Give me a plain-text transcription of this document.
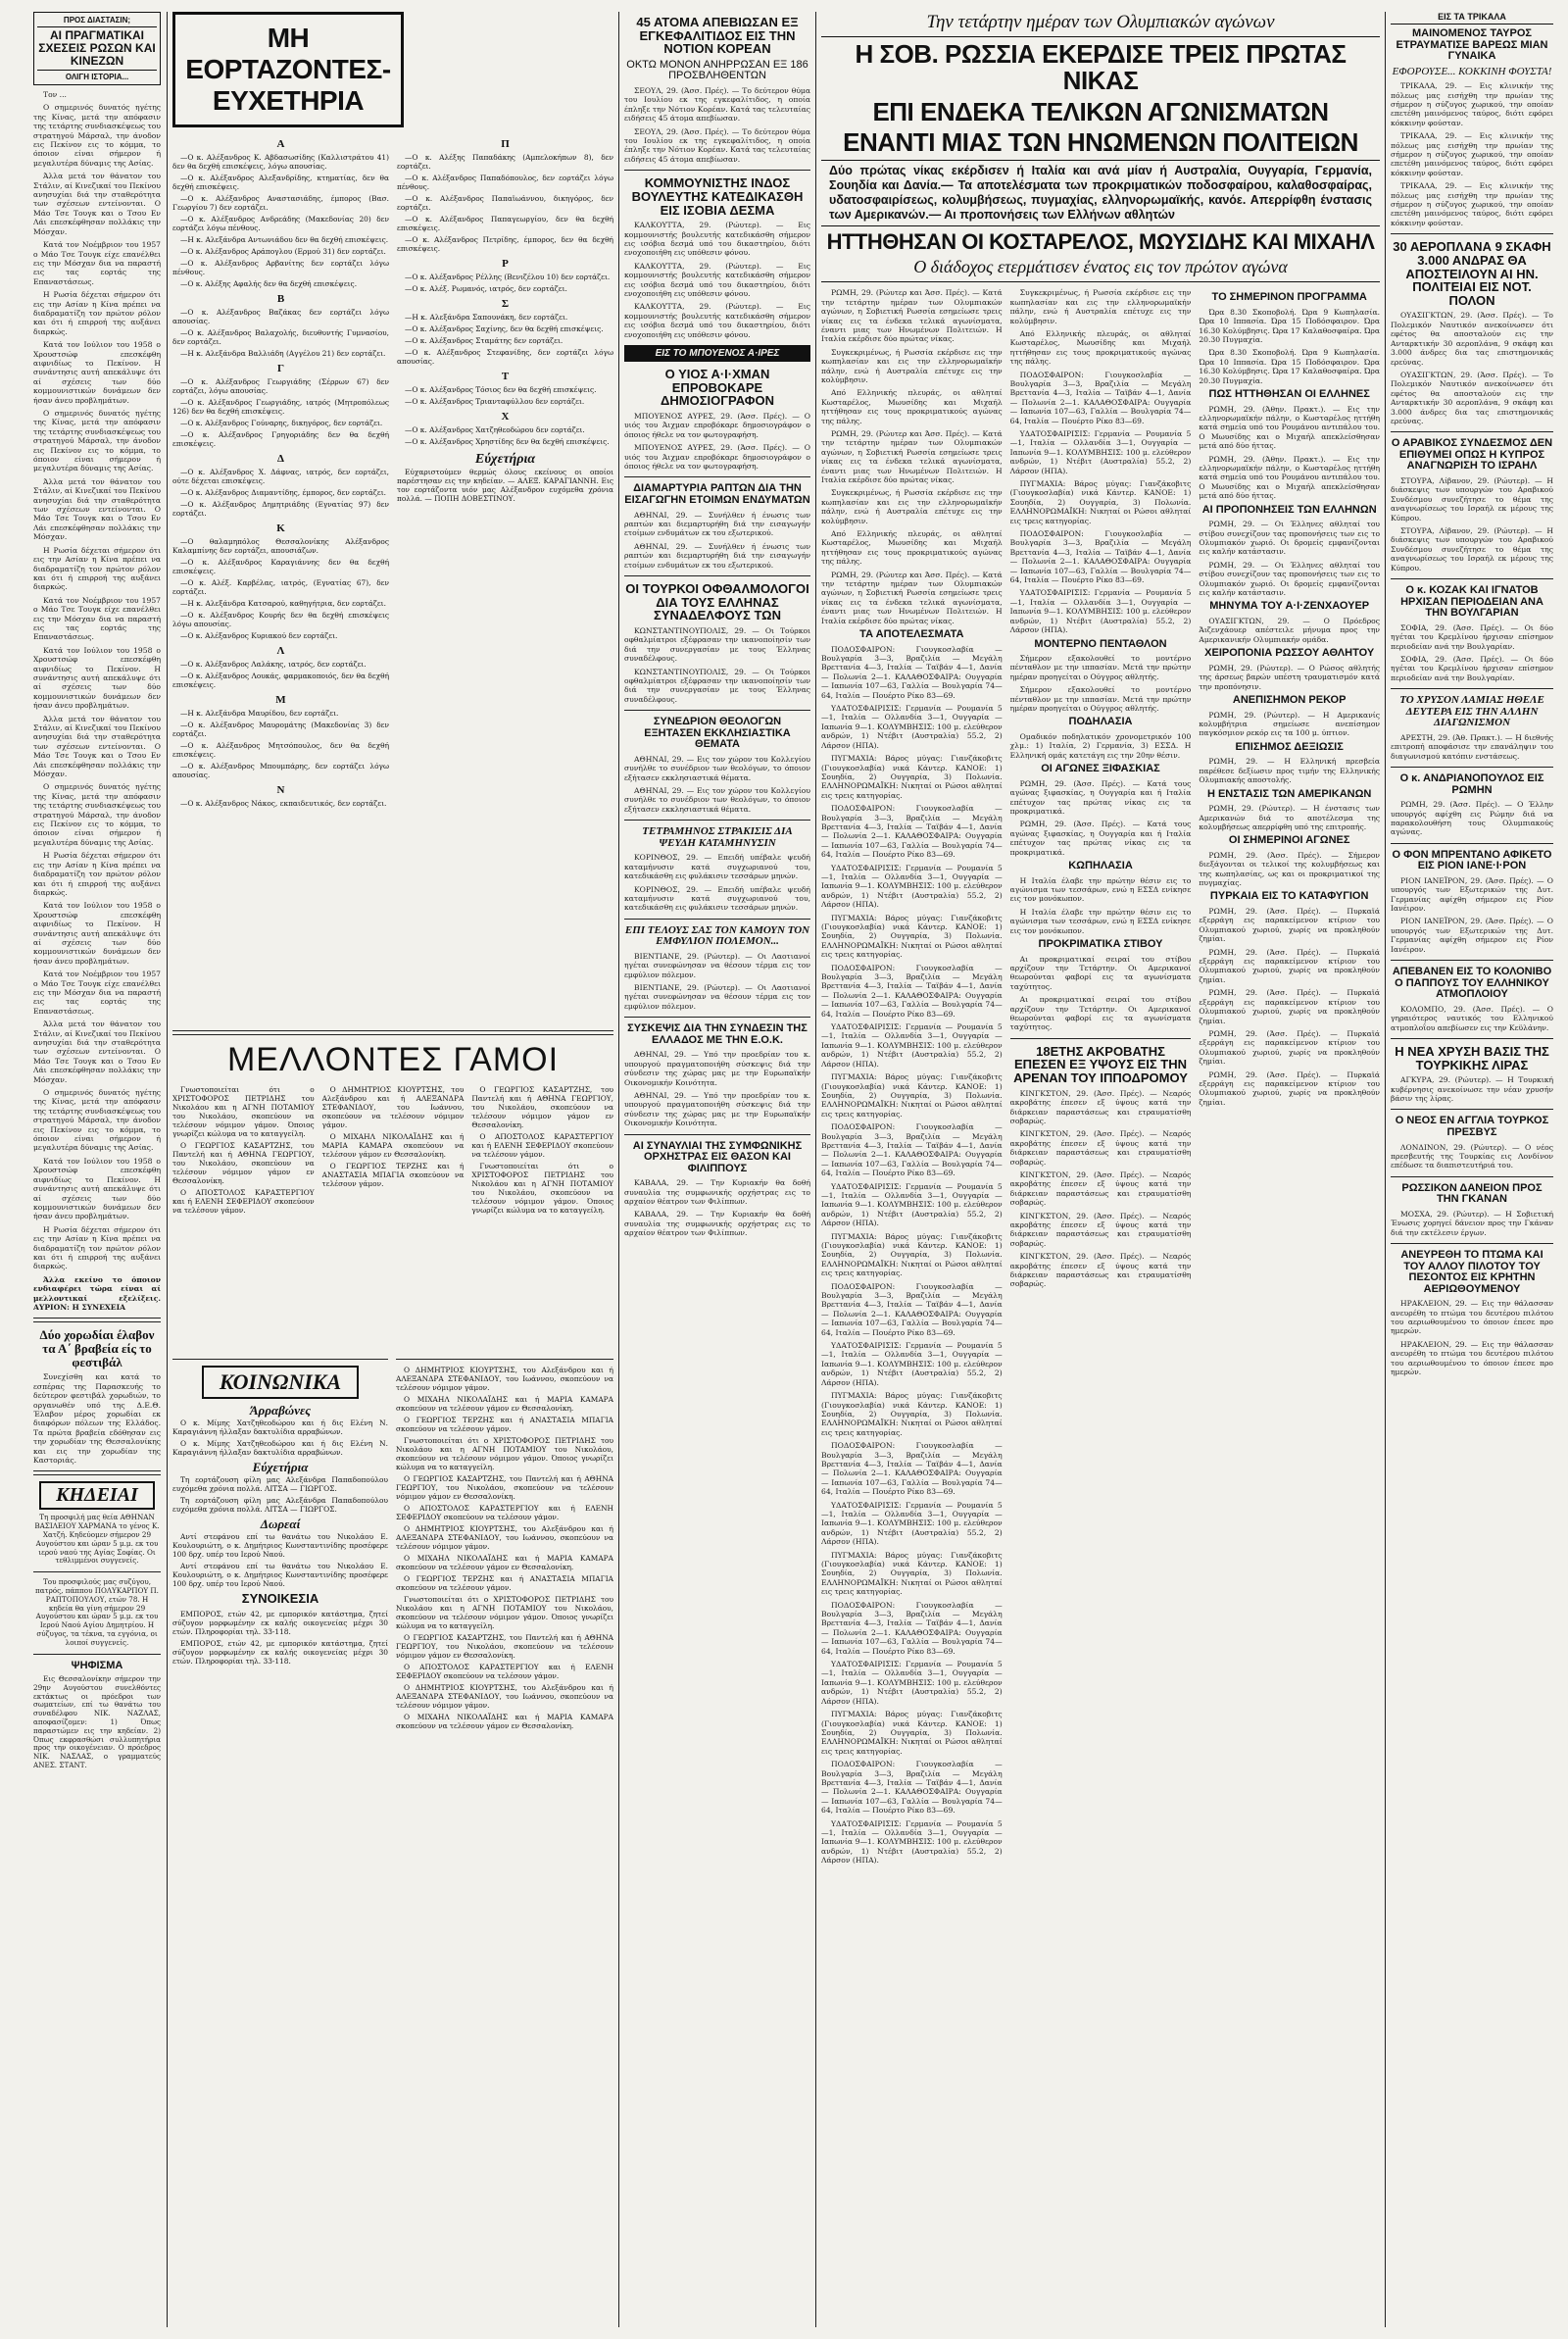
ΠΡΟΣ ΔΙΑΣΤΑΣΙΝ;
ΑΙ ΠΡΑΓΜΑΤΙΚΑΙ ΣΧΕΣΕΙΣ ΡΩΣΩΝ ΚΑΙ ΚΙΝΕΖΩΝ
ΟΛΙΓΗ ΙΣΤΟΡΙΑ...

Τον ...

Ο σημερινός δυνατός ηγέτης της Κίνας, μετά την απόφασιν της τετάρτης συνδιασκέψεως του στρατηγού Μάρσαλ, την άνοδον εις Πεκίνον εις το κόμμα, το όποιον είναι σήμερον ή μεγαλυτέρα δύναμις της Ασίας.

Άλλα μετά τον θάνατον του Στάλιν, αί Κινεζικαί του Πεκίνου ανησυχίαι διά την σταθερότητα των σχέσεων εντείνονται. Ο Μάο Τσε Τουγκ και ο Τσου Εν Λάι επεσκέφθησαν πολλάκις την Μόσχαν.

Κατά τον Νοέμβριον του 1957 ο Μάο Τσε Τουγκ είχε επανέλθει εις την Μόσχαν δια να παραστή εις τας εορτάς της Επαναστάσεως.

Η Ρωσία δέχεται σήμερον ότι εις την Ασίαν η Κίνα πρέπει να διαδραματίζη τον πρώτον ρόλον και ότι ή επιρροή της αυξάνει διαρκώς.

Κατά τον Ιούλιον του 1958 ο Χρουστσώφ επεσκέφθη αιφνιδίως το Πεκίνον. Η συνάντησις αυτή απεκάλυψε ότι αί σχέσεις των δύο κομμουνιστικών δυνάμεων δεν ήσαν άνευ προβλημάτων.

Ο σημερινός δυνατός ηγέτης της Κίνας, μετά την απόφασιν της τετάρτης συνδιασκέψεως του στρατηγού Μάρσαλ, την άνοδον εις Πεκίνον εις το κόμμα, το όποιον είναι σήμερον ή μεγαλυτέρα δύναμις της Ασίας.

Άλλα μετά τον θάνατον του Στάλιν, αί Κινεζικαί του Πεκίνου ανησυχίαι διά την σταθερότητα των σχέσεων εντείνονται. Ο Μάο Τσε Τουγκ και ο Τσου Εν Λάι επεσκέφθησαν πολλάκις την Μόσχαν.

Η Ρωσία δέχεται σήμερον ότι εις την Ασίαν η Κίνα πρέπει να διαδραματίζη τον πρώτον ρόλον και ότι ή επιρροή της αυξάνει διαρκώς.

Κατά τον Νοέμβριον του 1957 ο Μάο Τσε Τουγκ είχε επανέλθει εις την Μόσχαν δια να παραστή εις τας εορτάς της Επαναστάσεως.

Κατά τον Ιούλιον του 1958 ο Χρουστσώφ επεσκέφθη αιφνιδίως το Πεκίνον. Η συνάντησις αυτή απεκάλυψε ότι αί σχέσεις των δύο κομμουνιστικών δυνάμεων δεν ήσαν άνευ προβλημάτων.

Άλλα μετά τον θάνατον του Στάλιν, αί Κινεζικαί του Πεκίνου ανησυχίαι διά την σταθερότητα των σχέσεων εντείνονται. Ο Μάο Τσε Τουγκ και ο Τσου Εν Λάι επεσκέφθησαν πολλάκις την Μόσχαν.

Ο σημερινός δυνατός ηγέτης της Κίνας, μετά την απόφασιν της τετάρτης συνδιασκέψεως του στρατηγού Μάρσαλ, την άνοδον εις Πεκίνον εις το κόμμα, το όποιον είναι σήμερον ή μεγαλυτέρα δύναμις της Ασίας.

Η Ρωσία δέχεται σήμερον ότι εις την Ασίαν η Κίνα πρέπει να διαδραματίζη τον πρώτον ρόλον και ότι ή επιρροή της αυξάνει διαρκώς.

Κατά τον Ιούλιον του 1958 ο Χρουστσώφ επεσκέφθη αιφνιδίως το Πεκίνον. Η συνάντησις αυτή απεκάλυψε ότι αί σχέσεις των δύο κομμουνιστικών δυνάμεων δεν ήσαν άνευ προβλημάτων.

Κατά τον Νοέμβριον του 1957 ο Μάο Τσε Τουγκ είχε επανέλθει εις την Μόσχαν δια να παραστή εις τας εορτάς της Επαναστάσεως.

Άλλα μετά τον θάνατον του Στάλιν, αί Κινεζικαί του Πεκίνου ανησυχίαι διά την σταθερότητα των σχέσεων εντείνονται. Ο Μάο Τσε Τουγκ και ο Τσου Εν Λάι επεσκέφθησαν πολλάκις την Μόσχαν.

Ο σημερινός δυνατός ηγέτης της Κίνας, μετά την απόφασιν της τετάρτης συνδιασκέψεως του στρατηγού Μάρσαλ, την άνοδον εις Πεκίνον εις το κόμμα, το όποιον είναι σήμερον ή μεγαλυτέρα δύναμις της Ασίας.

Κατά τον Ιούλιον του 1958 ο Χρουστσώφ επεσκέφθη αιφνιδίως το Πεκίνον. Η συνάντησις αυτή απεκάλυψε ότι αί σχέσεις των δύο κομμουνιστικών δυνάμεων δεν ήσαν άνευ προβλημάτων.

Η Ρωσία δέχεται σήμερον ότι εις την Ασίαν η Κίνα πρέπει να διαδραματίζη τον πρώτον ρόλον και ότι ή επιρροή της αυξάνει διαρκώς.

Άλλα εκείνο το όποιον ενδιαφέρει τώρα είναι αί μελλοντικαί εξελίξεις. ΑΥΡΙΟΝ: Η ΣΥΝΕΧΕΙΑ

Δύο χορωδίαι έλαβον τα Α΄ βραβεία είς το φεστιβάλ

Συνεχίσθη και κατά το εσπέρας της Παρασκευής το δεύτερον φεστιβάλ χορωδιών, το οργανωθέν υπό της Δ.Ε.Θ. Έλαβον μέρος χορωδίαι εκ διαφόρων πόλεων της Ελλάδος. Τα πρώτα βραβεία εδόθησαν εις την χορωδίαν της Θεσσαλονίκης και εις την χορωδίαν της Καστοριάς.

ΚΗΔΕΙΑΙ

Τη προσφιλή μας θεία ΑΘΗΝΑΝ ΒΑΣΙΛΕΙΟΥ ΧΑΡΜΑΝΑ το γένος Κ. Χατζή. Κηδεύομεν σήμερον 29 Αυγούστου και ώραν 5 μ.μ. εκ του ιερού ναού της Αγίας Σοφίας. Οι τεθλιμμένοι συγγενείς.

Του προσφιλούς μας συζύγου, πατρός, πάππου ΠΟΛΥΚΑΡΠΟΥ Π. ΡΑΠΤΟΠΟΥΛΟΥ, ετών 78. Η κηδεία θα γίνη σήμερον 29 Αυγούστου και ώραν 5 μ.μ. εκ του Ιερού Ναού Αγίου Δημητρίου. Η σύζυγος, τα τέκνα, τα εγγόνια, οι λοιποί συγγενείς.

ΨΗΦΙΣΜΑ

Εις Θεσσαλονίκην σήμερον την 29ην Αυγούστου συνελθόντες εκτάκτως οι πρόεδροι των σωματείων, επί τω θανάτω του συναδέλφου ΝΙΚ. ΝΑΖΛΑΣ, αποφασίζομεν: 1) Όπως παραστώμεν εις την κηδείαν. 2) Όπως εκφρασθώσι συλλυπητήρια προς την οικογένειαν. Ο πρόεδρος ΝΙΚ. ΝΑΣΛΑΣ, ο γραμματεύς ΑΝΕΣ. ΣΤΑΝΤ.

ΜΗ ΕΟΡΤΑΖΟΝΤΕΣ-ΕΥΧΕΤΗΡΙΑ
Α

—Ο κ. Αλέξανδρος Κ. Αβδασωσίδης (Καλλιστράτου 41) δεν θα δεχθή επισκέψεις, λόγω απουσίας.

—Ο κ. Αλέξανδρος Αλεξανδρίδης, κτηματίας, δεν θα δεχθή επισκέψεις.

—Ο κ. Αλέξανδρος Αναστασιάδης, έμπορος (Βασ. Γεωργίου 7) δεν εορτάζει.

—Ο κ. Αλέξανδρος Ανδρεάδης (Μακεδονίας 20) δεν εορτάζει λόγω πένθους.

—Η κ. Αλεξάνδρα Αντωνιάδου δεν θα δεχθή επισκέψεις.

—Ο κ. Αλέξανδρος Αράπογλου (Ερμού 31) δεν εορτάζει.

—Ο κ. Αλέξανδρος Αρβανίτης δεν εορτάζει λόγω πένθους.

—Ο κ. Αλέξης Αφαλής δεν θα δεχθή επισκέψεις.

Β

—Ο κ. Αλέξανδρος Βαζάκας δεν εορτάζει λόγω απουσίας.

—Ο κ. Αλέξανδρος Βαλαχολής, διευθυντής Γυμνασίου, δεν εορτάζει.

—Η κ. Αλεξάνδρα Βαλλιάδη (Αγγέλου 21) δεν εορτάζει.

Γ

—Ο κ. Αλέξανδρος Γεωργιάδης (Σέρρων 67) δεν εορτάζει, λόγω απουσίας.

—Ο κ. Αλέξανδρος Γεωργιάδης, ιατρός (Μητροπόλεως 126) δεν θα δεχθή επισκέψεις.

—Ο κ. Αλέξανδρος Γούναρης, δικηγόρος, δεν εορτάζει.

—Ο κ. Αλέξανδρος Γρηγοριάδης δεν θα δεχθή επισκέψεις.

Δ

—Ο κ. Αλέξανδρος Χ. Δάφνας, ιατρός, δεν εορτάζει, ούτε δέχεται επισκέψεις.

—Ο κ. Αλέξανδρος Διαμαντίδης, έμπορος, δεν εορτάζει.

—Ο κ. Αλέξανδρος Δημητριάδης (Εγνατίας 97) δεν εορτάζει.

Κ

—Ο θαλαμηπόλος Θεσσαλονίκης Αλέξανδρος Καλαμπίνης δεν εορτάζει, απουσιάζων.

—Ο κ. Αλέξανδρος Καραγιάννης δεν θα δεχθή επισκέψεις.

—Ο κ. Αλέξ. Καρβέλας, ιατρός, (Εγνατίας 67), δεν εορτάζει.

—Η κ. Αλεξάνδρα Κατσαρού, καθηγήτρια, δεν εορτάζει.

—Ο κ. Αλέξανδρος Κουρής δεν θα δεχθή επισκέψεις λόγω απουσίας.

—Ο κ. Αλέξανδρος Κυριακού δεν εορτάζει.

Λ

—Ο κ. Αλέξανδρος Λαλάκης, ιατρός, δεν εορτάζει.

—Ο κ. Αλέξανδρος Λουκάς, φαρμακοποιός, δεν θα δεχθή επισκέψεις.

Μ

—Η κ. Αλεξάνδρα Μαυρίδου, δεν εορτάζει.

—Ο κ. Αλέξανδρος Μαυρομάτης (Μακεδονίας 3) δεν εορτάζει.

—Ο κ. Αλέξανδρος Μητσόπουλος, δεν θα δεχθή επισκέψεις.

—Ο κ. Αλέξανδρος Μπουμπάρης, δεν εορτάζει λόγω απουσίας.

Ν

—Ο κ. Αλέξανδρος Νάκος, εκπαιδευτικός, δεν εορτάζει.

Π

—Ο κ. Αλέξης Παπαδάκης (Αμπελοκήπων 8), δεν εορτάζει.

—Ο κ. Αλέξανδρος Παπαδόπουλος, δεν εορτάζει λόγω πένθους.

—Ο κ. Αλέξανδρος Παπαϊωάννου, δικηγόρος, δεν εορτάζει.

—Ο κ. Αλέξανδρος Παπαγεωργίου, δεν θα δεχθή επισκέψεις.

—Ο κ. Αλέξανδρος Πετρίδης, έμπορος, δεν θα δεχθή επισκέψεις.

Ρ

—Ο κ. Αλέξανδρος Ρέλλης (Βενιζέλου 10) δεν εορτάζει.

—Ο κ. Αλέξ. Ρωμανός, ιατρός, δεν εορτάζει.

Σ

—Η κ. Αλεξάνδρα Σαπουνάκη, δεν εορτάζει.

—Ο κ. Αλέξανδρος Σαχίνης, δεν θα δεχθή επισκέψεις.

—Ο κ. Αλέξανδρος Σταμάτης δεν εορτάζει.

—Ο κ. Αλέξανδρος Στεφανίδης, δεν εορτάζει λόγω απουσίας.

Τ

—Ο κ. Αλέξανδρος Τόσιος δεν θα δεχθή επισκέψεις.

—Ο κ. Αλέξανδρος Τριανταφύλλου δεν εορτάζει.

Χ

—Ο κ. Αλέξανδρος Χατζηθεοδώρου δεν εορτάζει.

—Ο κ. Αλέξανδρος Χρηστίδης δεν θα δεχθή επισκέψεις.

Εύχετήρια

Εύχαριστούμεν θερμώς όλους εκείνους οι οποίοι παρέστησαν εις την κηδείαν. — ΑΛΕΞ. ΚΑΡΑΓΙΑΝΝΗ. Εις τον εορτάζοντα υιόν μας Αλέξανδρον ευχόμεθα χρόνια πολλά. — ΠΟΠΗ ΔΟΒΕΣΤΙΝΟΥ.

ΜΕΛΛΟΝΤΕΣ ΓΑΜΟΙ

Γνωστοποιείται ότι ο ΧΡΙΣΤΟΦΟΡΟΣ ΠΕΤΡΙΔΗΣ του Νικολάου και η ΑΓΝΗ ΠΟΤΑΜΙΟΥ του Νικολάου, σκοπεύουν να τελέσουν νόμιμον γάμον. Όποιος γνωρίζει κώλυμα να το καταγγείλη.

Ο ΓΕΩΡΓΙΟΣ ΚΑΣΑΡΤΖΗΣ, του Παντελή και ή ΑΘΗΝΑ ΓΕΩΡΓΙΟΥ, του Νικολάου, σκοπεύουν να τελέσουν νόμιμον γάμον εν Θεσσαλονίκη.

Ο ΑΠΟΣΤΟΛΟΣ ΚΑΡΑΣΤΕΡΓΙΟΥ και ή ΕΛΕΝΗ ΣΕΦΕΡΙΔΟΥ σκοπεύουν να τελέσουν γάμον.

Ο ΔΗΜΗΤΡΙΟΣ ΚΙΟΥΡΤΣΗΣ, του Αλεξάνδρου και ή ΑΛΕΞΑΝΔΡΑ ΣΤΕΦΑΝΙΔΟΥ, του Ιωάννου, σκοπεύουν να τελέσουν νόμιμον γάμον.

Ο ΜΙΧΑΗΛ ΝΙΚΟΛΑΪΔΗΣ και ή ΜΑΡΙΑ ΚΑΜΑΡΑ σκοπεύουν να τελέσουν γάμον εν Θεσσαλονίκη.

Ο ΓΕΩΡΓΙΟΣ ΤΕΡΖΗΣ και ή ΑΝΑΣΤΑΣΙΑ ΜΠΑΓΙΑ σκοπεύουν να τελέσουν γάμον.

Ο ΓΕΩΡΓΙΟΣ ΚΑΣΑΡΤΖΗΣ, του Παντελή και ή ΑΘΗΝΑ ΓΕΩΡΓΙΟΥ, του Νικολάου, σκοπεύουν να τελέσουν νόμιμον γάμον εν Θεσσαλονίκη.

Ο ΑΠΟΣΤΟΛΟΣ ΚΑΡΑΣΤΕΡΓΙΟΥ και ή ΕΛΕΝΗ ΣΕΦΕΡΙΔΟΥ σκοπεύουν να τελέσουν γάμον.

Γνωστοποιείται ότι ο ΧΡΙΣΤΟΦΟΡΟΣ ΠΕΤΡΙΔΗΣ του Νικολάου και η ΑΓΝΗ ΠΟΤΑΜΙΟΥ του Νικολάου, σκοπεύουν να τελέσουν νόμιμον γάμον. Όποιος γνωρίζει κώλυμα να το καταγγείλη.

ΚΟΙΝΩΝΙΚΑ
Άρραβώνες

Ο κ. Μίμης Χατζηθεοδώρου και ή δις Ελένη Ν. Καραγιάννη ήλλαξαν δακτυλίδια αρραβώνων.

Ο κ. Μίμης Χατζηθεοδώρου και ή δις Ελένη Ν. Καραγιάννη ήλλαξαν δακτυλίδια αρραβώνων.

Εύχετήρια

Τη εορτάζουση φίλη μας Αλεξάνδρα Παπαδοπούλου ευχόμεθα χρόνια πολλά. ΛΙΤΣΑ — ΓΙΩΡΓΟΣ.

Τη εορτάζουση φίλη μας Αλεξάνδρα Παπαδοπούλου ευχόμεθα χρόνια πολλά. ΛΙΤΣΑ — ΓΙΩΡΓΟΣ.

Δωρεαί

Αντί στεφάνου επί τω θανάτω του Νικολάου Ε. Κουλουριώτη, ο κ. Δημήτριος Κωνσταντινίδης προσέφερε 100 δρχ. υπέρ του Ιερού Ναού.

Αντί στεφάνου επί τω θανάτω του Νικολάου Ε. Κουλουριώτη, ο κ. Δημήτριος Κωνσταντινίδης προσέφερε 100 δρχ. υπέρ του Ιερού Ναού.

ΣΥΝΟΙΚΕΣΙΑ

ΕΜΠΟΡΟΣ, ετών 42, με εμπορικόν κατάστημα, ζητεί σύζυγον μορφωμένην εκ καλής οικογενείας μέχρι 30 ετών. Πληροφορίαι τηλ. 33-118.

ΕΜΠΟΡΟΣ, ετών 42, με εμπορικόν κατάστημα, ζητεί σύζυγον μορφωμένην εκ καλής οικογενείας μέχρι 30 ετών. Πληροφορίαι τηλ. 33-118.

Ο ΔΗΜΗΤΡΙΟΣ ΚΙΟΥΡΤΣΗΣ, του Αλεξάνδρου και ή ΑΛΕΞΑΝΔΡΑ ΣΤΕΦΑΝΙΔΟΥ, του Ιωάννου, σκοπεύουν να τελέσουν νόμιμον γάμον.

Ο ΜΙΧΑΗΛ ΝΙΚΟΛΑΪΔΗΣ και ή ΜΑΡΙΑ ΚΑΜΑΡΑ σκοπεύουν να τελέσουν γάμον εν Θεσσαλονίκη.

Ο ΓΕΩΡΓΙΟΣ ΤΕΡΖΗΣ και ή ΑΝΑΣΤΑΣΙΑ ΜΠΑΓΙΑ σκοπεύουν να τελέσουν γάμον.

Γνωστοποιείται ότι ο ΧΡΙΣΤΟΦΟΡΟΣ ΠΕΤΡΙΔΗΣ του Νικολάου και η ΑΓΝΗ ΠΟΤΑΜΙΟΥ του Νικολάου, σκοπεύουν να τελέσουν νόμιμον γάμον. Όποιος γνωρίζει κώλυμα να το καταγγείλη.

Ο ΓΕΩΡΓΙΟΣ ΚΑΣΑΡΤΖΗΣ, του Παντελή και ή ΑΘΗΝΑ ΓΕΩΡΓΙΟΥ, του Νικολάου, σκοπεύουν να τελέσουν νόμιμον γάμον εν Θεσσαλονίκη.

Ο ΑΠΟΣΤΟΛΟΣ ΚΑΡΑΣΤΕΡΓΙΟΥ και ή ΕΛΕΝΗ ΣΕΦΕΡΙΔΟΥ σκοπεύουν να τελέσουν γάμον.

Ο ΔΗΜΗΤΡΙΟΣ ΚΙΟΥΡΤΣΗΣ, του Αλεξάνδρου και ή ΑΛΕΞΑΝΔΡΑ ΣΤΕΦΑΝΙΔΟΥ, του Ιωάννου, σκοπεύουν να τελέσουν νόμιμον γάμον.

Ο ΜΙΧΑΗΛ ΝΙΚΟΛΑΪΔΗΣ και ή ΜΑΡΙΑ ΚΑΜΑΡΑ σκοπεύουν να τελέσουν γάμον εν Θεσσαλονίκη.

Ο ΓΕΩΡΓΙΟΣ ΤΕΡΖΗΣ και ή ΑΝΑΣΤΑΣΙΑ ΜΠΑΓΙΑ σκοπεύουν να τελέσουν γάμον.

Γνωστοποιείται ότι ο ΧΡΙΣΤΟΦΟΡΟΣ ΠΕΤΡΙΔΗΣ του Νικολάου και η ΑΓΝΗ ΠΟΤΑΜΙΟΥ του Νικολάου, σκοπεύουν να τελέσουν νόμιμον γάμον. Όποιος γνωρίζει κώλυμα να το καταγγείλη.

Ο ΓΕΩΡΓΙΟΣ ΚΑΣΑΡΤΖΗΣ, του Παντελή και ή ΑΘΗΝΑ ΓΕΩΡΓΙΟΥ, του Νικολάου, σκοπεύουν να τελέσουν νόμιμον γάμον εν Θεσσαλονίκη.

Ο ΑΠΟΣΤΟΛΟΣ ΚΑΡΑΣΤΕΡΓΙΟΥ και ή ΕΛΕΝΗ ΣΕΦΕΡΙΔΟΥ σκοπεύουν να τελέσουν γάμον.

Ο ΔΗΜΗΤΡΙΟΣ ΚΙΟΥΡΤΣΗΣ, του Αλεξάνδρου και ή ΑΛΕΞΑΝΔΡΑ ΣΤΕΦΑΝΙΔΟΥ, του Ιωάννου, σκοπεύουν να τελέσουν νόμιμον γάμον.

Ο ΜΙΧΑΗΛ ΝΙΚΟΛΑΪΔΗΣ και ή ΜΑΡΙΑ ΚΑΜΑΡΑ σκοπεύουν να τελέσουν γάμον εν Θεσσαλονίκη.

45 ΑΤΟΜΑ ΑΠΕΒΙΩΣΑΝ ΕΞ ΕΓΚΕΦΑΛΙΤΙΔΟΣ ΕΙΣ ΤΗΝ ΝΟΤΙΟΝ ΚΟΡΕΑΝ
ΟΚΤΩ ΜΟΝΟΝ ΑΝΗΡΡΩΣΑΝ ΕΞ 186 ΠΡΟΣΒΛΗΘΕΝΤΩΝ

ΣΕΟΥΛ, 29. (Άσσ. Πρές). — Το δεύτερον θύμα του Ιουλίου εκ της εγκεφαλίτιδος, η οποία έπληξε την Νότιον Κορέαν. Κατά τας τελευταίας ειδήσεις 45 άτομα απεβίωσαν.

ΣΕΟΥΛ, 29. (Άσσ. Πρές). — Το δεύτερον θύμα του Ιουλίου εκ της εγκεφαλίτιδος, η οποία έπληξε την Νότιον Κορέαν. Κατά τας τελευταίας ειδήσεις 45 άτομα απεβίωσαν.

ΚΟΜΜΟΥΝΙΣΤΗΣ ΙΝΔΟΣ ΒΟΥΛΕΥΤΗΣ ΚΑΤΕΔΙΚΑΣΘΗ ΕΙΣ ΙΣΟΒΙΑ ΔΕΣΜΑ

ΚΑΛΚΟΥΤΤΑ, 29. (Ρώυτερ). — Εις κομμουνιστής βουλευτής κατεδικάσθη σήμερον εις ισόβια δεσμά υπό του δικαστηρίου, διότι ενοχοποιήθη εις υπόθεσιν φόνου.

ΚΑΛΚΟΥΤΤΑ, 29. (Ρώυτερ). — Εις κομμουνιστής βουλευτής κατεδικάσθη σήμερον εις ισόβια δεσμά υπό του δικαστηρίου, διότι ενοχοποιήθη εις υπόθεσιν φόνου.

ΚΑΛΚΟΥΤΤΑ, 29. (Ρώυτερ). — Εις κομμουνιστής βουλευτής κατεδικάσθη σήμερον εις ισόβια δεσμά υπό του δικαστηρίου, διότι ενοχοποιήθη εις υπόθεσιν φόνου.

ΕΙΣ ΤΟ ΜΠΟΥΕΝΟΣ Α·ΙΡΕΣ
Ο ΥΙΟΣ Α·Ι·ΧΜΑΝ ΕΠΡΟΒΟΚΑΡΕ ΔΗΜΟΣΙΟΓΡΑΦΟΝ

ΜΠΟΥΕΝΟΣ ΑΥΡΕΣ, 29. (Άσσ. Πρές). — Ο υιός του Άιχμαν επροβόκαρε δημοσιογράφον ο όποιος ήθελε να τον φωτογραφήση.

ΜΠΟΥΕΝΟΣ ΑΥΡΕΣ, 29. (Άσσ. Πρές). — Ο υιός του Άιχμαν επροβόκαρε δημοσιογράφον ο όποιος ήθελε να τον φωτογραφήση.

ΔΙΑΜΑΡΤΥΡΙΑ ΡΑΠΤΩΝ ΔΙΑ ΤΗΝ ΕΙΣΑΓΩΓΗΝ ΕΤΟΙΜΩΝ ΕΝΔΥΜΑΤΩΝ

ΑΘΗΝΑΙ, 29. — Συνήλθεν ή ένωσις των ραπτών και διεμαρτυρήθη διά την εισαγωγήν ετοίμων ενδυμάτων εκ του εξωτερικού.

ΑΘΗΝΑΙ, 29. — Συνήλθεν ή ένωσις των ραπτών και διεμαρτυρήθη διά την εισαγωγήν ετοίμων ενδυμάτων εκ του εξωτερικού.

ΟΙ ΤΟΥΡΚΟΙ ΟΦΘΑΛΜΟΛΟΓΟΙ ΔΙΑ ΤΟΥΣ ΕΛΛΗΝΑΣ ΣΥΝΑΔΕΛΦΟΥΣ ΤΩΝ

ΚΩΝΣΤΑΝΤΙΝΟΥΠΟΛΙΣ, 29. — Οι Τούρκοι οφθαλμίατροι εξέφρασαν την ικανοποίησίν των διά την συνεργασίαν με τους Έλληνας συναδέλφους.

ΚΩΝΣΤΑΝΤΙΝΟΥΠΟΛΙΣ, 29. — Οι Τούρκοι οφθαλμίατροι εξέφρασαν την ικανοποίησίν των διά την συνεργασίαν με τους Έλληνας συναδέλφους.

ΣΥΝΕΔΡΙΟΝ ΘΕΟΛΟΓΩΝ ΕΞΗΤΑΣΕΝ ΕΚΚΛΗΣΙΑΣΤΙΚΑ ΘΕΜΑΤΑ

ΑΘΗΝΑΙ, 29. — Εις τον χώρον του Κολλεγίου συνήλθε το συνέδριον των θεολόγων, το όποιον εξήτασεν εκκλησιαστικά θέματα.

ΑΘΗΝΑΙ, 29. — Εις τον χώρον του Κολλεγίου συνήλθε το συνέδριον των θεολόγων, το όποιον εξήτασεν εκκλησιαστικά θέματα.

ΤΕΤΡΑΜΗΝΟΣ ΣΤΡΑΚΙΣΙΣ ΔΙΑ ΨΕΥΔΗ ΚΑΤΑΜΗΝΥΣΙΝ

ΚΟΡΙΝΘΟΣ, 29. — Επειδή υπέβαλε ψευδή καταμήνυσιν κατά συγχωριανού του, κατεδικάσθη εις φυλάκισιν τεσσάρων μηνών.

ΚΟΡΙΝΘΟΣ, 29. — Επειδή υπέβαλε ψευδή καταμήνυσιν κατά συγχωριανού του, κατεδικάσθη εις φυλάκισιν τεσσάρων μηνών.

ΕΠΙ ΤΕΛΟΥΣ ΣΑΣ ΤΟΝ ΚΑΜΟΥΝ ΤΟΝ ΕΜΦΥΛΙΟΝ ΠΟΛΕΜΟΝ...

ΒΙΕΝΤΙΑΝΕ, 29. (Ρώυτερ). — Οι Λαοτιανοί ηγέται συνεφώνησαν να θέσουν τέρμα εις τον εμφύλιον πόλεμον.

ΒΙΕΝΤΙΑΝΕ, 29. (Ρώυτερ). — Οι Λαοτιανοί ηγέται συνεφώνησαν να θέσουν τέρμα εις τον εμφύλιον πόλεμον.

ΣΥΣΚΕΨΙΣ ΔΙΑ ΤΗΝ ΣΥΝΔΕΣΙΝ ΤΗΣ ΕΛΛΑΔΟΣ ΜΕ ΤΗΝ Ε.Ο.Κ.

ΑΘΗΝΑΙ, 29. — Υπό την προεδρίαν του κ. υπουργού πραγματοποιήθη σύσκεψις διά την σύνδεσιν της χώρας μας με την Ευρωπαϊκήν Οικονομικήν Κοινότητα.

ΑΘΗΝΑΙ, 29. — Υπό την προεδρίαν του κ. υπουργού πραγματοποιήθη σύσκεψις διά την σύνδεσιν της χώρας μας με την Ευρωπαϊκήν Οικονομικήν Κοινότητα.

ΑΙ ΣΥΝΑΥΛΙΑΙ ΤΗΣ ΣΥΜΦΩΝΙΚΗΣ ΟΡΧΗΣΤΡΑΣ ΕΙΣ ΘΑΣΟΝ ΚΑΙ ΦΙΛΙΠΠΟΥΣ

ΚΑΒΑΛΑ, 29. — Την Κυριακήν θα δοθή συναυλία της συμφωνικής ορχήστρας εις το αρχαίον θέατρον των Φιλίππων.

ΚΑΒΑΛΑ, 29. — Την Κυριακήν θα δοθή συναυλία της συμφωνικής ορχήστρας εις το αρχαίον θέατρον των Φιλίππων.

Την τετάρτην ημέραν των Ολυμπιακών αγώνων
Η ΣΟΒ. ΡΩΣΣΙΑ ΕΚΕΡΔΙΣΕ ΤΡΕΙΣ ΠΡΩΤΑΣ ΝΙΚΑΣ
ΕΠΙ ΕΝΔΕΚΑ ΤΕΛΙΚΩΝ ΑΓΩΝΙΣΜΑΤΩΝ
ΕΝΑΝΤΙ ΜΙΑΣ ΤΩΝ ΗΝΩΜΕΝΩΝ ΠΟΛΙΤΕΙΩΝ
Δύο πρώτας νίκας εκέρδισεν ή Ιταλία και ανά μίαν ή Αυστραλία, Ουγγαρία, Γερμανία, Σουηδία και Δανία.— Τα αποτελέσματα των προκριματικών ποδοσφαίρου, καλαθοσφαίρας, υδατοσφαιρίσεως, κολυμβήσεως, πυγμαχίας, ελληνορωμαϊκής, κανόε. Απερρίφθη ένστασις των Αμερικανών.— Αι προπονήσεις των Ελλήνων αθλητών
ΗΤΤΗΘΗΣΑΝ ΟΙ ΚΟΣΤΑΡΕΛΟΣ, ΜΩΥΣΙΔΗΣ ΚΑΙ ΜΙΧΑΗΛ
Ο διάδοχος ετερμάτισεν ένατος εις τον πρώτον αγώνα

ΡΩΜΗ, 29. (Ρώυτερ και Άσσ. Πρές). — Κατά την τετάρτην ημέραν των Ολυμπιακών αγώνων, η Σοβιετική Ρωσσία εσημείωσε τρεις νίκας εις τα ένδεκα τελικά αγωνίσματα, έναντι μιας των Ηνωμένων Πολιτειών. Η Ιταλία εκέρδισε δύο πρώτας νίκας.

Συγκεκριμένως, ή Ρωσσία εκέρδισε εις την κωπηλασίαν και εις την ελληνορωμαϊκήν πάλην, ενώ ή Αυστραλία επέτυχε εις την κολύμβησιν.

Από Ελληνικής πλευράς, οι αθληταί Κωσταρέλος, Μωυσίδης και Μιχαήλ ηττήθησαν εις τους προκριματικούς αγώνας της πάλης.

ΡΩΜΗ, 29. (Ρώυτερ και Άσσ. Πρές). — Κατά την τετάρτην ημέραν των Ολυμπιακών αγώνων, η Σοβιετική Ρωσσία εσημείωσε τρεις νίκας εις τα ένδεκα τελικά αγωνίσματα, έναντι μιας των Ηνωμένων Πολιτειών. Η Ιταλία εκέρδισε δύο πρώτας νίκας.

Συγκεκριμένως, ή Ρωσσία εκέρδισε εις την κωπηλασίαν και εις την ελληνορωμαϊκήν πάλην, ενώ ή Αυστραλία επέτυχε εις την κολύμβησιν.

Από Ελληνικής πλευράς, οι αθληταί Κωσταρέλος, Μωυσίδης και Μιχαήλ ηττήθησαν εις τους προκριματικούς αγώνας της πάλης.

ΡΩΜΗ, 29. (Ρώυτερ και Άσσ. Πρές). — Κατά την τετάρτην ημέραν των Ολυμπιακών αγώνων, η Σοβιετική Ρωσσία εσημείωσε τρεις νίκας εις τα ένδεκα τελικά αγωνίσματα, έναντι μιας των Ηνωμένων Πολιτειών. Η Ιταλία εκέρδισε δύο πρώτας νίκας.

ΤΑ ΑΠΟΤΕΛΕΣΜΑΤΑ

ΠΟΔΟΣΦΑΙΡΟΝ: Γιουγκοσλαβία — Βουλγαρία 3—3, Βραζιλία — Μεγάλη Βρεττανία 4—3, Ιταλία — Ταϊβάν 4—1, Δανία — Πολωνία 2—1. ΚΑΛΑΘΟΣΦΑΙΡΑ: Ουγγαρία — Ιαπωνία 107—63, Γαλλία — Βουλγαρία 74—64, Ιταλία — Πουέρτο Ρίκο 83—69.

ΥΔΑΤΟΣΦΑΙΡΙΣΙΣ: Γερμανία — Ρουμανία 5—1, Ιταλία — Ολλανδία 3—1, Ουγγαρία — Ιαπωνία 9—1. ΚΟΛΥΜΒΗΣΙΣ: 100 μ. ελεύθερον ανδρών, 1) Ντέβιτ (Αυστραλία) 55.2, 2) Λάρσον (ΗΠΑ).

ΠΥΓΜΑΧΙΑ: Βάρος μύγας: Γιανζάκοβιτς (Γιουγκοσλαβία) νικά Κάντερ. ΚΑΝΟΕ: 1) Σουηδία, 2) Ουγγαρία, 3) Πολωνία. ΕΛΛΗΝΟΡΩΜΑΪΚΗ: Νικηταί οι Ρώσοι αθληταί εις τρεις κατηγορίας.

ΠΟΔΟΣΦΑΙΡΟΝ: Γιουγκοσλαβία — Βουλγαρία 3—3, Βραζιλία — Μεγάλη Βρεττανία 4—3, Ιταλία — Ταϊβάν 4—1, Δανία — Πολωνία 2—1. ΚΑΛΑΘΟΣΦΑΙΡΑ: Ουγγαρία — Ιαπωνία 107—63, Γαλλία — Βουλγαρία 74—64, Ιταλία — Πουέρτο Ρίκο 83—69.

ΥΔΑΤΟΣΦΑΙΡΙΣΙΣ: Γερμανία — Ρουμανία 5—1, Ιταλία — Ολλανδία 3—1, Ουγγαρία — Ιαπωνία 9—1. ΚΟΛΥΜΒΗΣΙΣ: 100 μ. ελεύθερον ανδρών, 1) Ντέβιτ (Αυστραλία) 55.2, 2) Λάρσον (ΗΠΑ).

ΠΥΓΜΑΧΙΑ: Βάρος μύγας: Γιανζάκοβιτς (Γιουγκοσλαβία) νικά Κάντερ. ΚΑΝΟΕ: 1) Σουηδία, 2) Ουγγαρία, 3) Πολωνία. ΕΛΛΗΝΟΡΩΜΑΪΚΗ: Νικηταί οι Ρώσοι αθληταί εις τρεις κατηγορίας.

ΠΟΔΟΣΦΑΙΡΟΝ: Γιουγκοσλαβία — Βουλγαρία 3—3, Βραζιλία — Μεγάλη Βρεττανία 4—3, Ιταλία — Ταϊβάν 4—1, Δανία — Πολωνία 2—1. ΚΑΛΑΘΟΣΦΑΙΡΑ: Ουγγαρία — Ιαπωνία 107—63, Γαλλία — Βουλγαρία 74—64, Ιταλία — Πουέρτο Ρίκο 83—69.

ΥΔΑΤΟΣΦΑΙΡΙΣΙΣ: Γερμανία — Ρουμανία 5—1, Ιταλία — Ολλανδία 3—1, Ουγγαρία — Ιαπωνία 9—1. ΚΟΛΥΜΒΗΣΙΣ: 100 μ. ελεύθερον ανδρών, 1) Ντέβιτ (Αυστραλία) 55.2, 2) Λάρσον (ΗΠΑ).

ΠΥΓΜΑΧΙΑ: Βάρος μύγας: Γιανζάκοβιτς (Γιουγκοσλαβία) νικά Κάντερ. ΚΑΝΟΕ: 1) Σουηδία, 2) Ουγγαρία, 3) Πολωνία. ΕΛΛΗΝΟΡΩΜΑΪΚΗ: Νικηταί οι Ρώσοι αθληταί εις τρεις κατηγορίας.

ΠΟΔΟΣΦΑΙΡΟΝ: Γιουγκοσλαβία — Βουλγαρία 3—3, Βραζιλία — Μεγάλη Βρεττανία 4—3, Ιταλία — Ταϊβάν 4—1, Δανία — Πολωνία 2—1. ΚΑΛΑΘΟΣΦΑΙΡΑ: Ουγγαρία — Ιαπωνία 107—63, Γαλλία — Βουλγαρία 74—64, Ιταλία — Πουέρτο Ρίκο 83—69.

ΥΔΑΤΟΣΦΑΙΡΙΣΙΣ: Γερμανία — Ρουμανία 5—1, Ιταλία — Ολλανδία 3—1, Ουγγαρία — Ιαπωνία 9—1. ΚΟΛΥΜΒΗΣΙΣ: 100 μ. ελεύθερον ανδρών, 1) Ντέβιτ (Αυστραλία) 55.2, 2) Λάρσον (ΗΠΑ).

ΠΥΓΜΑΧΙΑ: Βάρος μύγας: Γιανζάκοβιτς (Γιουγκοσλαβία) νικά Κάντερ. ΚΑΝΟΕ: 1) Σουηδία, 2) Ουγγαρία, 3) Πολωνία. ΕΛΛΗΝΟΡΩΜΑΪΚΗ: Νικηταί οι Ρώσοι αθληταί εις τρεις κατηγορίας.

ΠΟΔΟΣΦΑΙΡΟΝ: Γιουγκοσλαβία — Βουλγαρία 3—3, Βραζιλία — Μεγάλη Βρεττανία 4—3, Ιταλία — Ταϊβάν 4—1, Δανία — Πολωνία 2—1. ΚΑΛΑΘΟΣΦΑΙΡΑ: Ουγγαρία — Ιαπωνία 107—63, Γαλλία — Βουλγαρία 74—64, Ιταλία — Πουέρτο Ρίκο 83—69.

ΥΔΑΤΟΣΦΑΙΡΙΣΙΣ: Γερμανία — Ρουμανία 5—1, Ιταλία — Ολλανδία 3—1, Ουγγαρία — Ιαπωνία 9—1. ΚΟΛΥΜΒΗΣΙΣ: 100 μ. ελεύθερον ανδρών, 1) Ντέβιτ (Αυστραλία) 55.2, 2) Λάρσον (ΗΠΑ).

ΠΥΓΜΑΧΙΑ: Βάρος μύγας: Γιανζάκοβιτς (Γιουγκοσλαβία) νικά Κάντερ. ΚΑΝΟΕ: 1) Σουηδία, 2) Ουγγαρία, 3) Πολωνία. ΕΛΛΗΝΟΡΩΜΑΪΚΗ: Νικηταί οι Ρώσοι αθληταί εις τρεις κατηγορίας.

ΠΟΔΟΣΦΑΙΡΟΝ: Γιουγκοσλαβία — Βουλγαρία 3—3, Βραζιλία — Μεγάλη Βρεττανία 4—3, Ιταλία — Ταϊβάν 4—1, Δανία — Πολωνία 2—1. ΚΑΛΑΘΟΣΦΑΙΡΑ: Ουγγαρία — Ιαπωνία 107—63, Γαλλία — Βουλγαρία 74—64, Ιταλία — Πουέρτο Ρίκο 83—69.

ΥΔΑΤΟΣΦΑΙΡΙΣΙΣ: Γερμανία — Ρουμανία 5—1, Ιταλία — Ολλανδία 3—1, Ουγγαρία — Ιαπωνία 9—1. ΚΟΛΥΜΒΗΣΙΣ: 100 μ. ελεύθερον ανδρών, 1) Ντέβιτ (Αυστραλία) 55.2, 2) Λάρσον (ΗΠΑ).

ΠΥΓΜΑΧΙΑ: Βάρος μύγας: Γιανζάκοβιτς (Γιουγκοσλαβία) νικά Κάντερ. ΚΑΝΟΕ: 1) Σουηδία, 2) Ουγγαρία, 3) Πολωνία. ΕΛΛΗΝΟΡΩΜΑΪΚΗ: Νικηταί οι Ρώσοι αθληταί εις τρεις κατηγορίας.

ΠΟΔΟΣΦΑΙΡΟΝ: Γιουγκοσλαβία — Βουλγαρία 3—3, Βραζιλία — Μεγάλη Βρεττανία 4—3, Ιταλία — Ταϊβάν 4—1, Δανία — Πολωνία 2—1. ΚΑΛΑΘΟΣΦΑΙΡΑ: Ουγγαρία — Ιαπωνία 107—63, Γαλλία — Βουλγαρία 74—64, Ιταλία — Πουέρτο Ρίκο 83—69.

ΥΔΑΤΟΣΦΑΙΡΙΣΙΣ: Γερμανία — Ρουμανία 5—1, Ιταλία — Ολλανδία 3—1, Ουγγαρία — Ιαπωνία 9—1. ΚΟΛΥΜΒΗΣΙΣ: 100 μ. ελεύθερον ανδρών, 1) Ντέβιτ (Αυστραλία) 55.2, 2) Λάρσον (ΗΠΑ).

ΠΥΓΜΑΧΙΑ: Βάρος μύγας: Γιανζάκοβιτς (Γιουγκοσλαβία) νικά Κάντερ. ΚΑΝΟΕ: 1) Σουηδία, 2) Ουγγαρία, 3) Πολωνία. ΕΛΛΗΝΟΡΩΜΑΪΚΗ: Νικηταί οι Ρώσοι αθληταί εις τρεις κατηγορίας.

ΠΟΔΟΣΦΑΙΡΟΝ: Γιουγκοσλαβία — Βουλγαρία 3—3, Βραζιλία — Μεγάλη Βρεττανία 4—3, Ιταλία — Ταϊβάν 4—1, Δανία — Πολωνία 2—1. ΚΑΛΑΘΟΣΦΑΙΡΑ: Ουγγαρία — Ιαπωνία 107—63, Γαλλία — Βουλγαρία 74—64, Ιταλία — Πουέρτο Ρίκο 83—69.

ΥΔΑΤΟΣΦΑΙΡΙΣΙΣ: Γερμανία — Ρουμανία 5—1, Ιταλία — Ολλανδία 3—1, Ουγγαρία — Ιαπωνία 9—1. ΚΟΛΥΜΒΗΣΙΣ: 100 μ. ελεύθερον ανδρών, 1) Ντέβιτ (Αυστραλία) 55.2, 2) Λάρσον (ΗΠΑ).

Συγκεκριμένως, ή Ρωσσία εκέρδισε εις την κωπηλασίαν και εις την ελληνορωμαϊκήν πάλην, ενώ ή Αυστραλία επέτυχε εις την κολύμβησιν.

Από Ελληνικής πλευράς, οι αθληταί Κωσταρέλος, Μωυσίδης και Μιχαήλ ηττήθησαν εις τους προκριματικούς αγώνας της πάλης.

ΠΟΔΟΣΦΑΙΡΟΝ: Γιουγκοσλαβία — Βουλγαρία 3—3, Βραζιλία — Μεγάλη Βρεττανία 4—3, Ιταλία — Ταϊβάν 4—1, Δανία — Πολωνία 2—1. ΚΑΛΑΘΟΣΦΑΙΡΑ: Ουγγαρία — Ιαπωνία 107—63, Γαλλία — Βουλγαρία 74—64, Ιταλία — Πουέρτο Ρίκο 83—69.

ΥΔΑΤΟΣΦΑΙΡΙΣΙΣ: Γερμανία — Ρουμανία 5—1, Ιταλία — Ολλανδία 3—1, Ουγγαρία — Ιαπωνία 9—1. ΚΟΛΥΜΒΗΣΙΣ: 100 μ. ελεύθερον ανδρών, 1) Ντέβιτ (Αυστραλία) 55.2, 2) Λάρσον (ΗΠΑ).

ΠΥΓΜΑΧΙΑ: Βάρος μύγας: Γιανζάκοβιτς (Γιουγκοσλαβία) νικά Κάντερ. ΚΑΝΟΕ: 1) Σουηδία, 2) Ουγγαρία, 3) Πολωνία. ΕΛΛΗΝΟΡΩΜΑΪΚΗ: Νικηταί οι Ρώσοι αθληταί εις τρεις κατηγορίας.

ΠΟΔΟΣΦΑΙΡΟΝ: Γιουγκοσλαβία — Βουλγαρία 3—3, Βραζιλία — Μεγάλη Βρεττανία 4—3, Ιταλία — Ταϊβάν 4—1, Δανία — Πολωνία 2—1. ΚΑΛΑΘΟΣΦΑΙΡΑ: Ουγγαρία — Ιαπωνία 107—63, Γαλλία — Βουλγαρία 74—64, Ιταλία — Πουέρτο Ρίκο 83—69.

ΥΔΑΤΟΣΦΑΙΡΙΣΙΣ: Γερμανία — Ρουμανία 5—1, Ιταλία — Ολλανδία 3—1, Ουγγαρία — Ιαπωνία 9—1. ΚΟΛΥΜΒΗΣΙΣ: 100 μ. ελεύθερον ανδρών, 1) Ντέβιτ (Αυστραλία) 55.2, 2) Λάρσον (ΗΠΑ).

ΜΟΝΤΕΡΝΟ ΠΕΝΤΑΘΛΟΝ

Σήμερον εξακολουθεί το μοντέρνο πένταθλον με την ιππασίαν. Μετά την πρώτην ημέραν προηγείται ο Ούγγρος αθλητής.

Σήμερον εξακολουθεί το μοντέρνο πένταθλον με την ιππασίαν. Μετά την πρώτην ημέραν προηγείται ο Ούγγρος αθλητής.

ΠΟΔΗΛΑΣΙΑ

Ομαδικόν ποδηλατικόν χρονομετρικόν 100 χλμ.: 1) Ιταλία, 2) Γερμανία, 3) ΕΣΣΔ. Η Ελληνική ομάς κατετάγη εις την 20ην θέσιν.

ΟΙ ΑΓΩΝΕΣ ΞΙΦΑΣΚΙΑΣ

ΡΩΜΗ, 29. (Άσσ. Πρές). — Κατά τους αγώνας ξιφασκίας, η Ουγγαρία και ή Ιταλία επέτυχον τας πρώτας νίκας εις τα προκριματικά.

ΡΩΜΗ, 29. (Άσσ. Πρές). — Κατά τους αγώνας ξιφασκίας, η Ουγγαρία και ή Ιταλία επέτυχον τας πρώτας νίκας εις τα προκριματικά.

ΚΩΠΗΛΑΣΙΑ

Η Ιταλία έλαβε την πρώτην θέσιν εις το αγώνισμα των τεσσάρων, ενώ η ΕΣΣΔ ενίκησε εις τον μονόκωπον.

Η Ιταλία έλαβε την πρώτην θέσιν εις το αγώνισμα των τεσσάρων, ενώ η ΕΣΣΔ ενίκησε εις τον μονόκωπον.

ΠΡΟΚΡΙΜΑΤΙΚΑ ΣΤΙΒΟΥ

Αι προκριματικαί σειραί του στίβου αρχίζουν την Τετάρτην. Οι Αμερικανοί θεωρούνται φαβορί εις τα αγωνίσματα ταχύτητος.

Αι προκριματικαί σειραί του στίβου αρχίζουν την Τετάρτην. Οι Αμερικανοί θεωρούνται φαβορί εις τα αγωνίσματα ταχύτητος.

18ΕΤΗΣ ΑΚΡΟΒΑΤΗΣ ΕΠΕΣΕΝ ΕΞ ΥΨΟΥΣ ΕΙΣ ΤΗΝ ΑΡΕΝΑΝ ΤΟΥ ΙΠΠΟΔΡΟΜΟΥ

ΚΙΝΓΚΣΤΟΝ, 29. (Άσσ. Πρές). — Νεαρός ακροβάτης έπεσεν εξ ύψους κατά την διάρκειαν παραστάσεως και ετραυματίσθη σοβαρώς.

ΚΙΝΓΚΣΤΟΝ, 29. (Άσσ. Πρές). — Νεαρός ακροβάτης έπεσεν εξ ύψους κατά την διάρκειαν παραστάσεως και ετραυματίσθη σοβαρώς.

ΚΙΝΓΚΣΤΟΝ, 29. (Άσσ. Πρές). — Νεαρός ακροβάτης έπεσεν εξ ύψους κατά την διάρκειαν παραστάσεως και ετραυματίσθη σοβαρώς.

ΚΙΝΓΚΣΤΟΝ, 29. (Άσσ. Πρές). — Νεαρός ακροβάτης έπεσεν εξ ύψους κατά την διάρκειαν παραστάσεως και ετραυματίσθη σοβαρώς.

ΚΙΝΓΚΣΤΟΝ, 29. (Άσσ. Πρές). — Νεαρός ακροβάτης έπεσεν εξ ύψους κατά την διάρκειαν παραστάσεως και ετραυματίσθη σοβαρώς.

ΤΟ ΣΗΜΕΡΙΝΟΝ ΠΡΟΓΡΑΜΜΑ

Ώρα 8.30 Σκοποβολή. Ώρα 9 Κωπηλασία. Ώρα 10 Ιππασία. Ώρα 15 Ποδόσφαιρον. Ώρα 16.30 Κολύμβησις. Ώρα 17 Καλαθοσφαίρα. Ώρα 20.30 Πυγμαχία.

Ώρα 8.30 Σκοποβολή. Ώρα 9 Κωπηλασία. Ώρα 10 Ιππασία. Ώρα 15 Ποδόσφαιρον. Ώρα 16.30 Κολύμβησις. Ώρα 17 Καλαθοσφαίρα. Ώρα 20.30 Πυγμαχία.

ΠΩΣ ΗΤΤΗΘΗΣΑΝ ΟΙ ΕΛΛΗΝΕΣ

ΡΩΜΗ, 29. (Άθην. Πρακτ.). — Εις την ελληνορωμαϊκήν πάλην, ο Κωσταρέλος ηττήθη κατά σημεία υπό του Ρουμάνου αντιπάλου του. Ο Μωυσίδης και ο Μιχαήλ απεκλείσθησαν μετά από δύο ήττας.

ΡΩΜΗ, 29. (Άθην. Πρακτ.). — Εις την ελληνορωμαϊκήν πάλην, ο Κωσταρέλος ηττήθη κατά σημεία υπό του Ρουμάνου αντιπάλου του. Ο Μωυσίδης και ο Μιχαήλ απεκλείσθησαν μετά από δύο ήττας.

ΑΙ ΠΡΟΠΟΝΗΣΕΙΣ ΤΩΝ ΕΛΛΗΝΩΝ

ΡΩΜΗ, 29. — Οι Έλληνες αθληταί του στίβου συνεχίζουν τας προπονήσεις των εις το Ολυμπιακόν χωριό. Οι δρομείς εμφανίζονται εις καλήν κατάστασιν.

ΡΩΜΗ, 29. — Οι Έλληνες αθληταί του στίβου συνεχίζουν τας προπονήσεις των εις το Ολυμπιακόν χωριό. Οι δρομείς εμφανίζονται εις καλήν κατάστασιν.

ΜΗΝΥΜΑ ΤΟΥ Α·Ι·ΖΕΝΧΑΟΥΕΡ

ΟΥΑΣΙΓΚΤΩΝ, 29. — Ο Πρόεδρος Άιζενχάουερ απέστειλε μήνυμα προς την Αμερικανικήν Ολυμπιακήν ομάδα.

ΧΕΙΡΟΠΟΝΙΑ ΡΩΣΣΟΥ ΑΘΛΗΤΟΥ

ΡΩΜΗ, 29. (Ρώυτερ). — Ο Ρώσος αθλητής της άρσεως βαρών υπέστη τραυματισμόν κατά την προπόνησιν.

ΑΝΕΠΙΣΗΜΟΝ ΡΕΚΟΡ

ΡΩΜΗ, 29. (Ρώυτερ). — Η Αμερικανίς κολυμβήτρια σημείωσε ανεπίσημον παγκόσμιον ρεκόρ εις τα 100 μ. ύπτιον.

ΕΠΙΣΗΜΟΣ ΔΕΞΙΩΣΙΣ

ΡΩΜΗ, 29. — Η Ελληνική πρεσβεία παρέθεσε δεξίωσιν προς τιμήν της Ελληνικής Ολυμπιακής αποστολής.

Η ΕΝΣΤΑΣΙΣ ΤΩΝ ΑΜΕΡΙΚΑΝΩΝ

ΡΩΜΗ, 29. (Ρώυτερ). — Η ένστασις των Αμερικανών διά το αποτέλεσμα της κολυμβήσεως απερρίφθη υπό της επιτροπής.

ΟΙ ΣΗΜΕΡΙΝΟΙ ΑΓΩΝΕΣ

ΡΩΜΗ, 29. (Άσσ. Πρές). — Σήμερον διεξάγονται οι τελικοί της κολυμβήσεως και της κωπηλασίας, ως και οι προκριματικοί της πυγμαχίας.

ΠΥΡΚΑΙΑ ΕΙΣ ΤΟ ΚΑΤΑΦΥΓΙΟΝ

ΡΩΜΗ, 29. (Άσσ. Πρές). — Πυρκαϊά εξερράγη εις παρακείμενον κτίριον του Ολυμπιακού χωριού, χωρίς να προκληθούν ζημίαι.

ΡΩΜΗ, 29. (Άσσ. Πρές). — Πυρκαϊά εξερράγη εις παρακείμενον κτίριον του Ολυμπιακού χωριού, χωρίς να προκληθούν ζημίαι.

ΡΩΜΗ, 29. (Άσσ. Πρές). — Πυρκαϊά εξερράγη εις παρακείμενον κτίριον του Ολυμπιακού χωριού, χωρίς να προκληθούν ζημίαι.

ΡΩΜΗ, 29. (Άσσ. Πρές). — Πυρκαϊά εξερράγη εις παρακείμενον κτίριον του Ολυμπιακού χωριού, χωρίς να προκληθούν ζημίαι.

ΡΩΜΗ, 29. (Άσσ. Πρές). — Πυρκαϊά εξερράγη εις παρακείμενον κτίριον του Ολυμπιακού χωριού, χωρίς να προκληθούν ζημίαι.

ΕΙΣ ΤΑ ΤΡΙΚΑΛΑ
ΜΑΙΝΟΜΕΝΟΣ ΤΑΥΡΟΣ ΕΤΡΑΥΜΑΤΙΣΕ ΒΑΡΕΩΣ ΜΙΑΝ ΓΥΝΑΙΚΑ
ΕΦΟΡΟΥΣΕ... ΚΟΚΚΙΝΗ ΦΟΥΣΤΑ!

ΤΡΙΚΑΛΑ, 29. — Εις κλινικήν της πόλεως μας εισήχθη την πρωίαν της σήμερον η σύζυγος χωρικού, την οποίαν επετέθη μαινόμενος ταύρος, διότι εφόρει κόκκινην φούσταν.

ΤΡΙΚΑΛΑ, 29. — Εις κλινικήν της πόλεως μας εισήχθη την πρωίαν της σήμερον η σύζυγος χωρικού, την οποίαν επετέθη μαινόμενος ταύρος, διότι εφόρει κόκκινην φούσταν.

ΤΡΙΚΑΛΑ, 29. — Εις κλινικήν της πόλεως μας εισήχθη την πρωίαν της σήμερον η σύζυγος χωρικού, την οποίαν επετέθη μαινόμενος ταύρος, διότι εφόρει κόκκινην φούσταν.

30 ΑΕΡΟΠΛΑΝΑ 9 ΣΚΑΦΗ 3.000 ΑΝΔΡΑΣ ΘΑ ΑΠΟΣΤΕΙΛΟΥΝ ΑΙ ΗΝ. ΠΟΛΙΤΕΙΑΙ ΕΙΣ ΝΟΤ. ΠΟΛΟΝ

ΟΥΑΣΙΓΚΤΩΝ, 29. (Άσσ. Πρές). — Το Πολεμικόν Ναυτικόν ανεκοίνωσεν ότι εφέτος θα αποσταλούν εις την Ανταρκτικήν 30 αεροπλάνα, 9 σκάφη και 3.000 άνδρες δια τας επιστημονικάς ερεύνας.

ΟΥΑΣΙΓΚΤΩΝ, 29. (Άσσ. Πρές). — Το Πολεμικόν Ναυτικόν ανεκοίνωσεν ότι εφέτος θα αποσταλούν εις την Ανταρκτικήν 30 αεροπλάνα, 9 σκάφη και 3.000 άνδρες δια τας επιστημονικάς ερεύνας.

Ο ΑΡΑΒΙΚΟΣ ΣΥΝΔΕΣΜΟΣ ΔΕΝ ΕΠΙΘΥΜΕΙ ΟΠΩΣ Η ΚΥΠΡΟΣ ΑΝΑΓΝΩΡΙΣΗ ΤΟ ΙΣΡΑΗΛ

ΣΤΟΥΡΑ, Λίβανον, 29. (Ρώυτερ). — Η διάσκεψις των υπουργών του Αραβικού Συνδέσμου συνεζήτησε το θέμα της αναγνωρίσεως του Ισραήλ εκ μέρους της Κύπρου.

ΣΤΟΥΡΑ, Λίβανον, 29. (Ρώυτερ). — Η διάσκεψις των υπουργών του Αραβικού Συνδέσμου συνεζήτησε το θέμα της αναγνωρίσεως του Ισραήλ εκ μέρους της Κύπρου.

Ο κ. ΚΟΖΑΚ ΚΑΙ ΙΓΝΑΤΟΒ ΗΡΧΙΣΑΝ ΠΕΡΙΟΔΕΙΑΝ ΑΝΑ ΤΗΝ ΒΟΥΛΓΑΡΙΑΝ

ΣΟΦΙΑ, 29. (Άσσ. Πρές). — Οι δύο ηγέται του Κρεμλίνου ήρχισαν επίσημον περιοδείαν ανά την Βουλγαρίαν.

ΣΟΦΙΑ, 29. (Άσσ. Πρές). — Οι δύο ηγέται του Κρεμλίνου ήρχισαν επίσημον περιοδείαν ανά την Βουλγαρίαν.

ΤΟ ΧΡΥΣΟΝ ΛΑΜΙΑΣ ΗΘΕΛΕ ΔΕΥΤΕΡΑ ΕΙΣ ΤΗΝ ΑΛΛΗΝ ΔΙΑΓΩΝΙΣΜΟΝ

ΑΡΕΣΤΗ, 29. (Άθ. Πρακτ.). — Η διεθνής επιτροπή αποφάσισε την επανάληψιν του διαγωνισμού κατόπιν ενστάσεως.

Ο κ. ΑΝΔΡΙΑΝΟΠΟΥΛΟΣ ΕΙΣ ΡΩΜΗΝ

ΡΩΜΗ, 29. (Άσσ. Πρές). — Ο Έλλην υπουργός αφίχθη εις Ρώμην διά να παρακολουθήση τους Ολυμπιακούς αγώνας.

Ο ΦΟΝ ΜΠΡΕΝΤΑΝΟ ΑΦΙΚΕΤΟ ΕΙΣ ΡΙΟΝ ΙΑΝΕ·Ι·ΡΟΝ

ΡΙΟΝ ΙΑΝΕΪΡΟΝ, 29. (Άσσ. Πρές). — Ο υπουργός των Εξωτερικών της Δυτ. Γερμανίας αφίχθη σήμερον εις Ρίον Ιανέιρον.

ΡΙΟΝ ΙΑΝΕΪΡΟΝ, 29. (Άσσ. Πρές). — Ο υπουργός των Εξωτερικών της Δυτ. Γερμανίας αφίχθη σήμερον εις Ρίον Ιανέιρον.

ΑΠΕΒΑΝΕΝ ΕΙΣ ΤΟ ΚΟΛΟΝΙΒΟ Ο ΠΑΠΠΟΥΣ ΤΟΥ ΕΛΛΗΝΙΚΟΥ ΑΤΜΟΠΛΟΙΟΥ

ΚΟΛΟΜΠΟ, 29. (Άσσ. Πρές). — Ο γηραιότερος ναυτικός του Ελληνικού ατμοπλοΐου απεβίωσεν εις την Κεϋλάνην.

Η ΝΕΑ ΧΡΥΣΗ ΒΑΣΙΣ ΤΗΣ ΤΟΥΡΚΙΚΗΣ ΛΙΡΑΣ

ΑΓΚΥΡΑ, 29. (Ρώυτερ). — Η Τουρκική κυβέρνησις ανεκοίνωσε την νέαν χρυσήν βάσιν της λίρας.

Ο ΝΕΟΣ ΕΝ ΑΓΓΛΙΑ ΤΟΥΡΚΟΣ ΠΡΕΣΒΥΣ

ΛΟΝΔΙΝΟΝ, 29. (Ρώυτερ). — Ο νέος πρεσβευτής της Τουρκίας εις Λονδίνον επέδωσε τα διαπιστευτήριά του.

ΡΩΣΣΙΚΟΝ ΔΑΝΕΙΟΝ ΠΡΟΣ ΤΗΝ ΓΚΑΝΑΝ

ΜΟΣΧΑ, 29. (Ρώυτερ). — Η Σοβιετική Ένωσις χορηγεί δάνειον προς την Γκάναν διά την εκτέλεσιν έργων.

ΑΝΕΥΡΕΘΗ ΤΟ ΠΤΩΜΑ ΚΑΙ ΤΟΥ ΑΛΛΟΥ ΠΙΛΟΤΟΥ ΤΟΥ ΠΕΣΟΝΤΟΣ ΕΙΣ ΚΡΗΤΗΝ ΑΕΡΙΩΘΟΥΜΕΝΟΥ

ΗΡΑΚΛΕΙΟΝ, 29. — Εις την θάλασσαν ανευρέθη το πτώμα του δευτέρου πιλότου του αεριωθουμένου το όποιον έπεσε προ ημερών.

ΗΡΑΚΛΕΙΟΝ, 29. — Εις την θάλασσαν ανευρέθη το πτώμα του δευτέρου πιλότου του αεριωθουμένου το όποιον έπεσε προ ημερών.
